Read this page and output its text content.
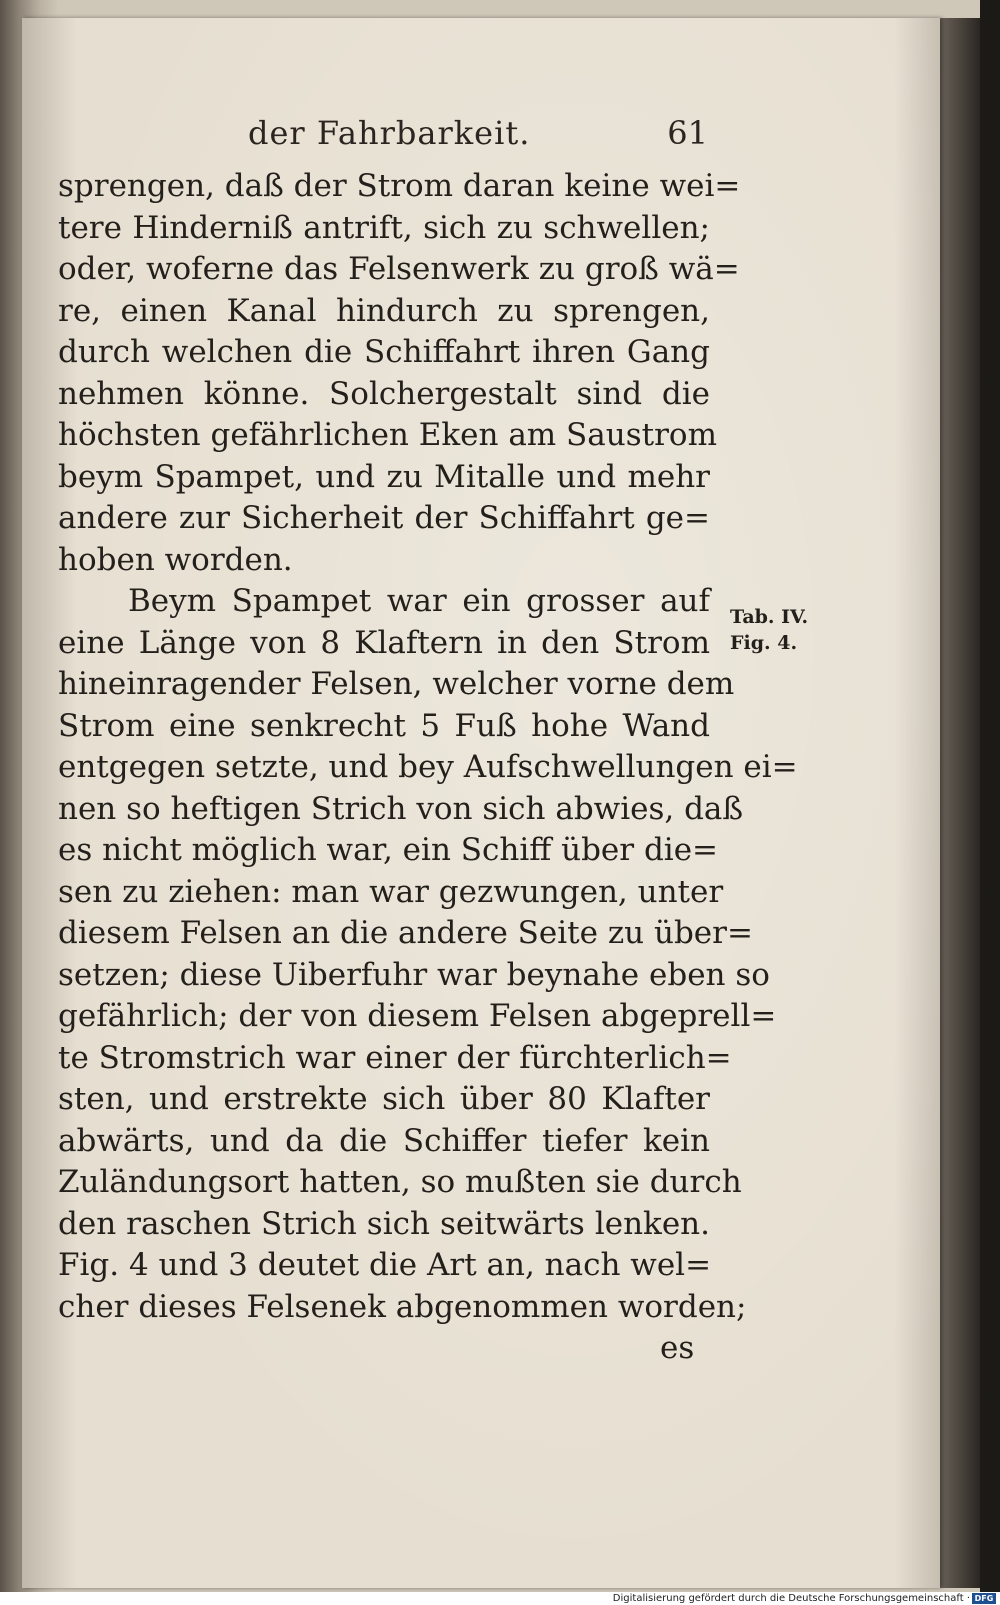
der Fahrbarkeit.	61
sprengen, daß der Strom daran keine wei=
tere Hinderniß antrift, sich zu schwellen;
oder, woferne das Felsenwerk zu groß wä=
re, einen Kanal hindurch zu sprengen,
durch welchen die Schiffahrt ihren Gang
nehmen könne. Solchergestalt sind die
höchsten gefährlichen Eken am Saustrom
beym Spampet, und zu Mitalle und mehr
andere zur Sicherheit der Schiffahrt ge=
hoben worden.
Beym Spampet war ein grosser auf
eine Länge von 8 Klaftern in den Strom
hineinragender Felsen, welcher vorne dem
Strom eine senkrecht 5 Fuß hohe Wand
entgegen setzte, und bey Aufschwellungen ei=
nen so heftigen Strich von sich abwies, daß
es nicht möglich war, ein Schiff über die=
sen zu ziehen: man war gezwungen, unter
diesem Felsen an die andere Seite zu über=
setzen; diese Uiberfuhr war beynahe eben so
gefährlich; der von diesem Felsen abgeprell=
te Stromstrich war einer der fürchterlich=
sten, und erstrekte sich über 80 Klafter
abwärts, und da die Schiffer tiefer kein
Zuländungsort hatten, so mußten sie durch
den raschen Strich sich seitwärts lenken.
Fig. 4 und 3 deutet die Art an, nach wel=
cher dieses Felsenek abgenommen worden;
Tab. IV.
Fig. 4.
es
Digitalisierung gefördert durch die Deutsche Forschungsgemeinschaft · DFG
